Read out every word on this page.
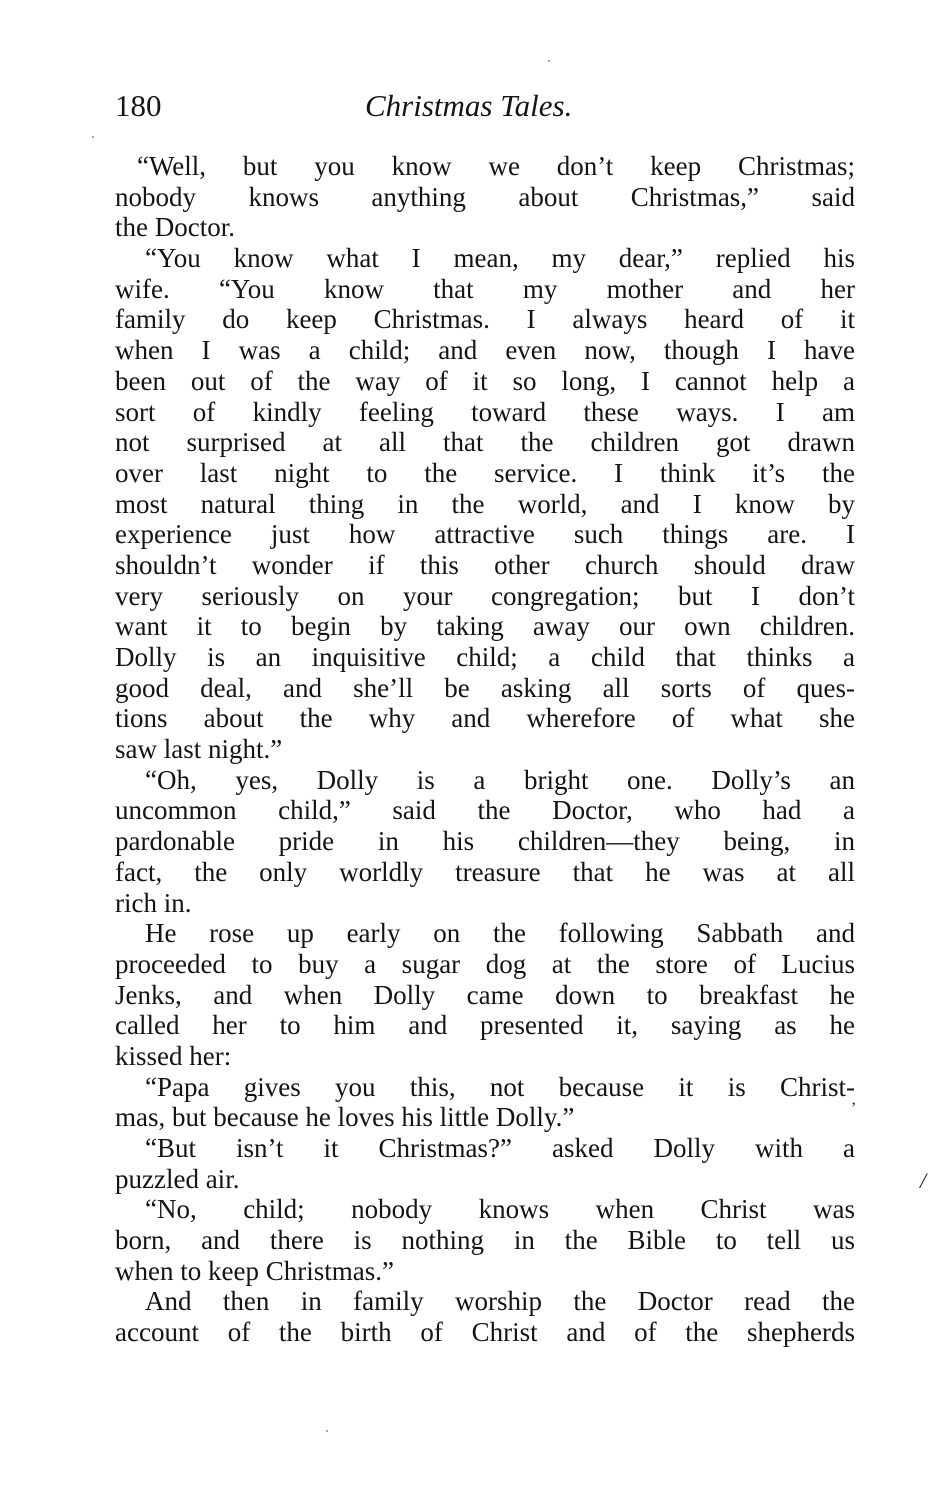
180	Christmas Tales.
“Well, but you know we don’t keep Christmas;
nobody knows anything about Christmas,” said
the Doctor.
“You know what I mean, my dear,” replied his
wife. “You know that my mother and her
family do keep Christmas. I always heard of it
when I was a child; and even now, though I have
been out of the way of it so long, I cannot help a
sort of kindly feeling toward these ways. I am
not surprised at all that the children got drawn
over last night to the service. I think it’s the
most natural thing in the world, and I know by
experience just how attractive such things are. I
shouldn’t wonder if this other church should draw
very seriously on your congregation; but I don’t
want it to begin by taking away our own children.
Dolly is an inquisitive child; a child that thinks a
good deal, and she’ll be asking all sorts of ques-
tions about the why and wherefore of what she
saw last night.”
“Oh, yes, Dolly is a bright one. Dolly’s an
uncommon child,” said the Doctor, who had a
pardonable pride in his children—they being, in
fact, the only worldly treasure that he was at all
rich in.
He rose up early on the following Sabbath and
proceeded to buy a sugar dog at the store of Lucius
Jenks, and when Dolly came down to breakfast he
called her to him and presented it, saying as he
kissed her:
“Papa gives you this, not because it is Christ-
mas, but because he loves his little Dolly.”
“But isn’t it Christmas?” asked Dolly with a
puzzled air.
“No, child; nobody knows when Christ was
born, and there is nothing in the Bible to tell us
when to keep Christmas.”
And then in family worship the Doctor read the
account of the birth of Christ and of the shepherds
’
/
